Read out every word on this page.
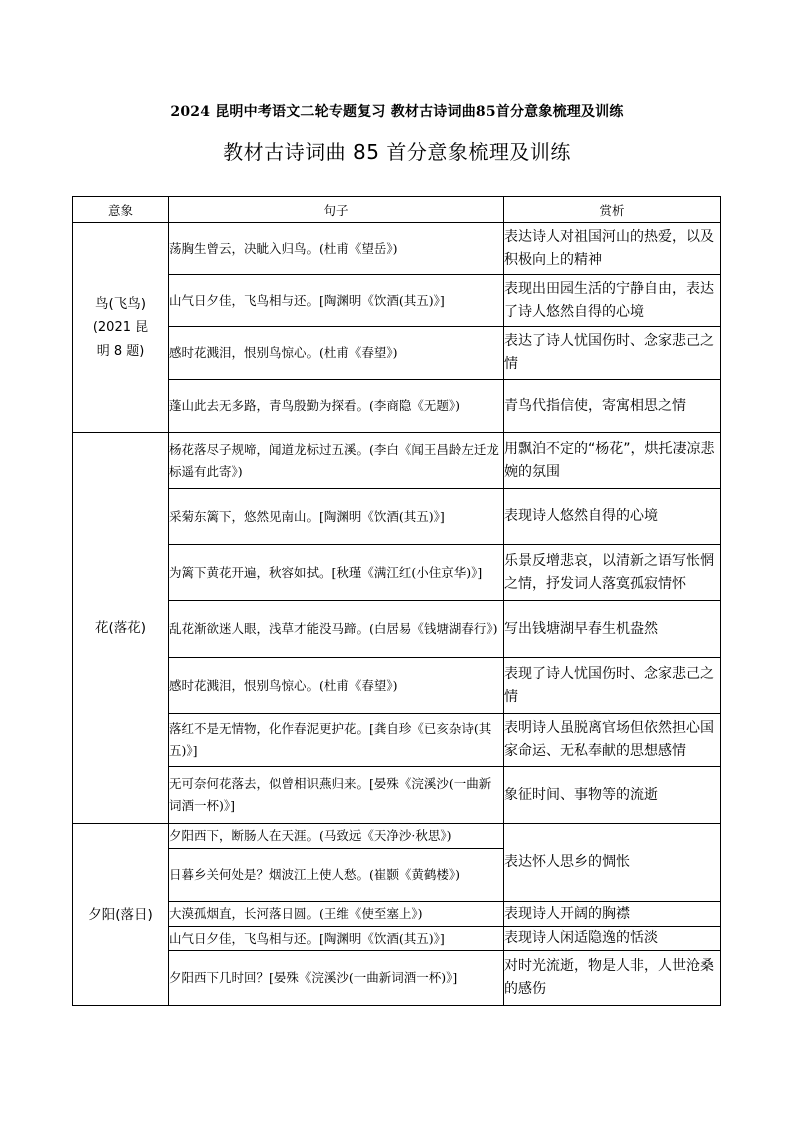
2024 昆明中考语文二轮专题复习 教材古诗词曲85首分意象梳理及训练
教材古诗词曲 85 首分意象梳理及训练
意象	句子	赏析

鸟(飞鸟)
(2021 昆明 8 题)	荡胸生曾云，决眦入归鸟。(杜甫《望岳》)	表达诗人对祖国河山的热爱，以及积极向上的精神
	山气日夕佳，飞鸟相与还。[陶渊明《饮酒(其五)》]	表现出田园生活的宁静自由，表达了诗人悠然自得的心境
	感时花溅泪，恨别鸟惊心。(杜甫《春望》)	表达了诗人忧国伤时、念家悲己之情
	蓬山此去无多路，青鸟殷勤为探看。(李商隐《无题》)	青鸟代指信使，寄寓相思之情
花(落花)	杨花落尽子规啼，闻道龙标过五溪。(李白《闻王昌龄左迁龙标遥有此寄》)	用飘泊不定的“杨花”，烘托凄凉悲婉的氛围
	采菊东篱下，悠然见南山。[陶渊明《饮酒(其五)》]	表现诗人悠然自得的心境
	为篱下黄花开遍，秋容如拭。[秋瑾《满江红(小住京华)》]	乐景反增悲哀，以清新之语写怅惘之情，抒发词人落寞孤寂情怀
	乱花渐欲迷人眼，浅草才能没马蹄。(白居易《钱塘湖春行》)	写出钱塘湖早春生机盎然
	感时花溅泪，恨别鸟惊心。(杜甫《春望》)	表现了诗人忧国伤时、念家悲己之情
	落红不是无情物，化作春泥更护花。[龚自珍《已亥杂诗(其五)》]	表明诗人虽脱离官场但依然担心国家命运、无私奉献的思想感情
	无可奈何花落去，似曾相识燕归来。[晏殊《浣溪沙(一曲新词酒一杯)》]	象征时间、事物等的流逝
夕阳(落日)	夕阳西下，断肠人在天涯。(马致远《天净沙·秋思》)	表达怀人思乡的惆怅
	日暮乡关何处是？烟波江上使人愁。(崔颢《黄鹤楼》)	
	大漠孤烟直，长河落日圆。(王维《使至塞上》)	表现诗人开阔的胸襟
	山气日夕佳，飞鸟相与还。[陶渊明《饮酒(其五)》]	表现诗人闲适隐逸的恬淡
	夕阳西下几时回？[晏殊《浣溪沙(一曲新词酒一杯)》]	对时光流逝，物是人非，人世沧桑的感伤
